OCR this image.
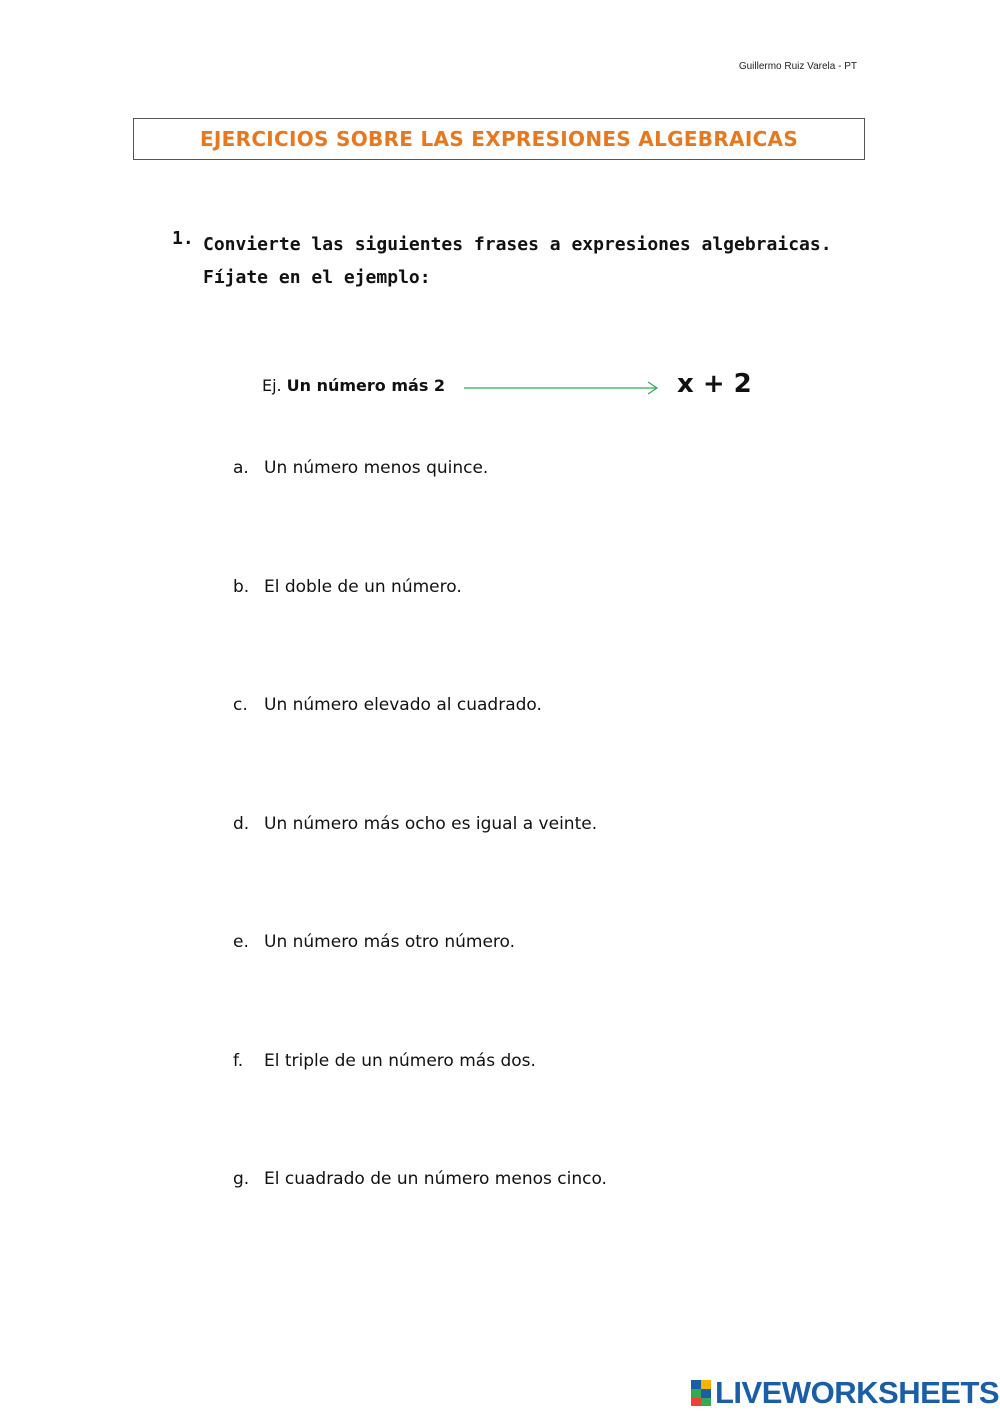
Guillermo Ruiz Varela - PT
EJERCICIOS SOBRE LAS EXPRESIONES ALGEBRAICAS
1. Convierte las siguientes frases a expresiones algebraicas. Fíjate en el ejemplo:
Ej. Un número más 2	x + 2
a. Un número menos quince.
b. El doble de un número.
c. Un número elevado al cuadrado.
d. Un número más ocho es igual a veinte.
e. Un número más otro número.
f.	El triple de un número más dos.
g. El cuadrado de un número menos cinco.
LIVEWORKSHEETS
